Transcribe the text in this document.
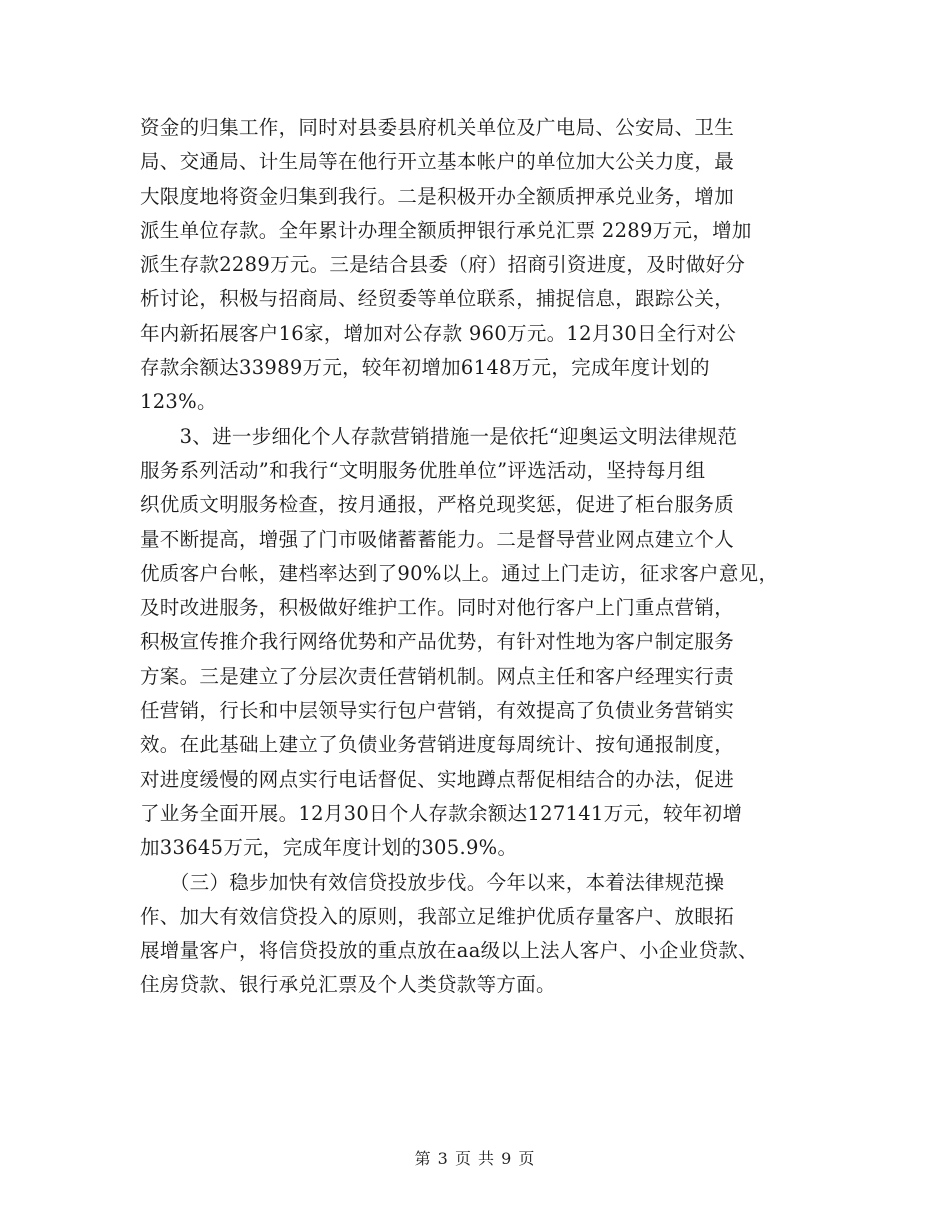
资金的归集工作，同时对县委县府机关单位及广电局、公安局、卫生
局、交通局、计生局等在他行开立基本帐户的单位加大公关力度，最
大限度地将资金归集到我行。二是积极开办全额质押承兑业务，增加
派生单位存款。全年累计办理全额质押银行承兑汇票 2289万元，增加
派生存款2289万元。三是结合县委（府）招商引资进度，及时做好分
析讨论，积极与招商局、经贸委等单位联系，捕捉信息，跟踪公关，
年内新拓展客户16家，增加对公存款 960万元。12月30日全行对公
存款余额达33989万元，较年初增加6148万元，完成年度计划的
123%。
　　3、进一步细化个人存款营销措施一是依托“迎奥运文明法律规范
服务系列活动”和我行“文明服务优胜单位”评选活动，坚持每月组
织优质文明服务检查，按月通报，严格兑现奖惩，促进了柜台服务质
量不断提高，增强了门市吸储蓄蓄能力。二是督导营业网点建立个人
优质客户台帐，建档率达到了90%以上。通过上门走访，征求客户意见，
及时改进服务，积极做好维护工作。同时对他行客户上门重点营销，
积极宣传推介我行网络优势和产品优势，有针对性地为客户制定服务
方案。三是建立了分层次责任营销机制。网点主任和客户经理实行责
任营销，行长和中层领导实行包户营销，有效提高了负债业务营销实
效。在此基础上建立了负债业务营销进度每周统计、按旬通报制度，
对进度缓慢的网点实行电话督促、实地蹲点帮促相结合的办法，促进
了业务全面开展。12月30日个人存款余额达127141万元，较年初增
加33645万元，完成年度计划的305.9%。
　　（三）稳步加快有效信贷投放步伐。今年以来，本着法律规范操
作、加大有效信贷投入的原则，我部立足维护优质存量客户、放眼拓
展增量客户，将信贷投放的重点放在aa级以上法人客户、小企业贷款、
住房贷款、银行承兑汇票及个人类贷款等方面。
第 3 页 共 9 页
